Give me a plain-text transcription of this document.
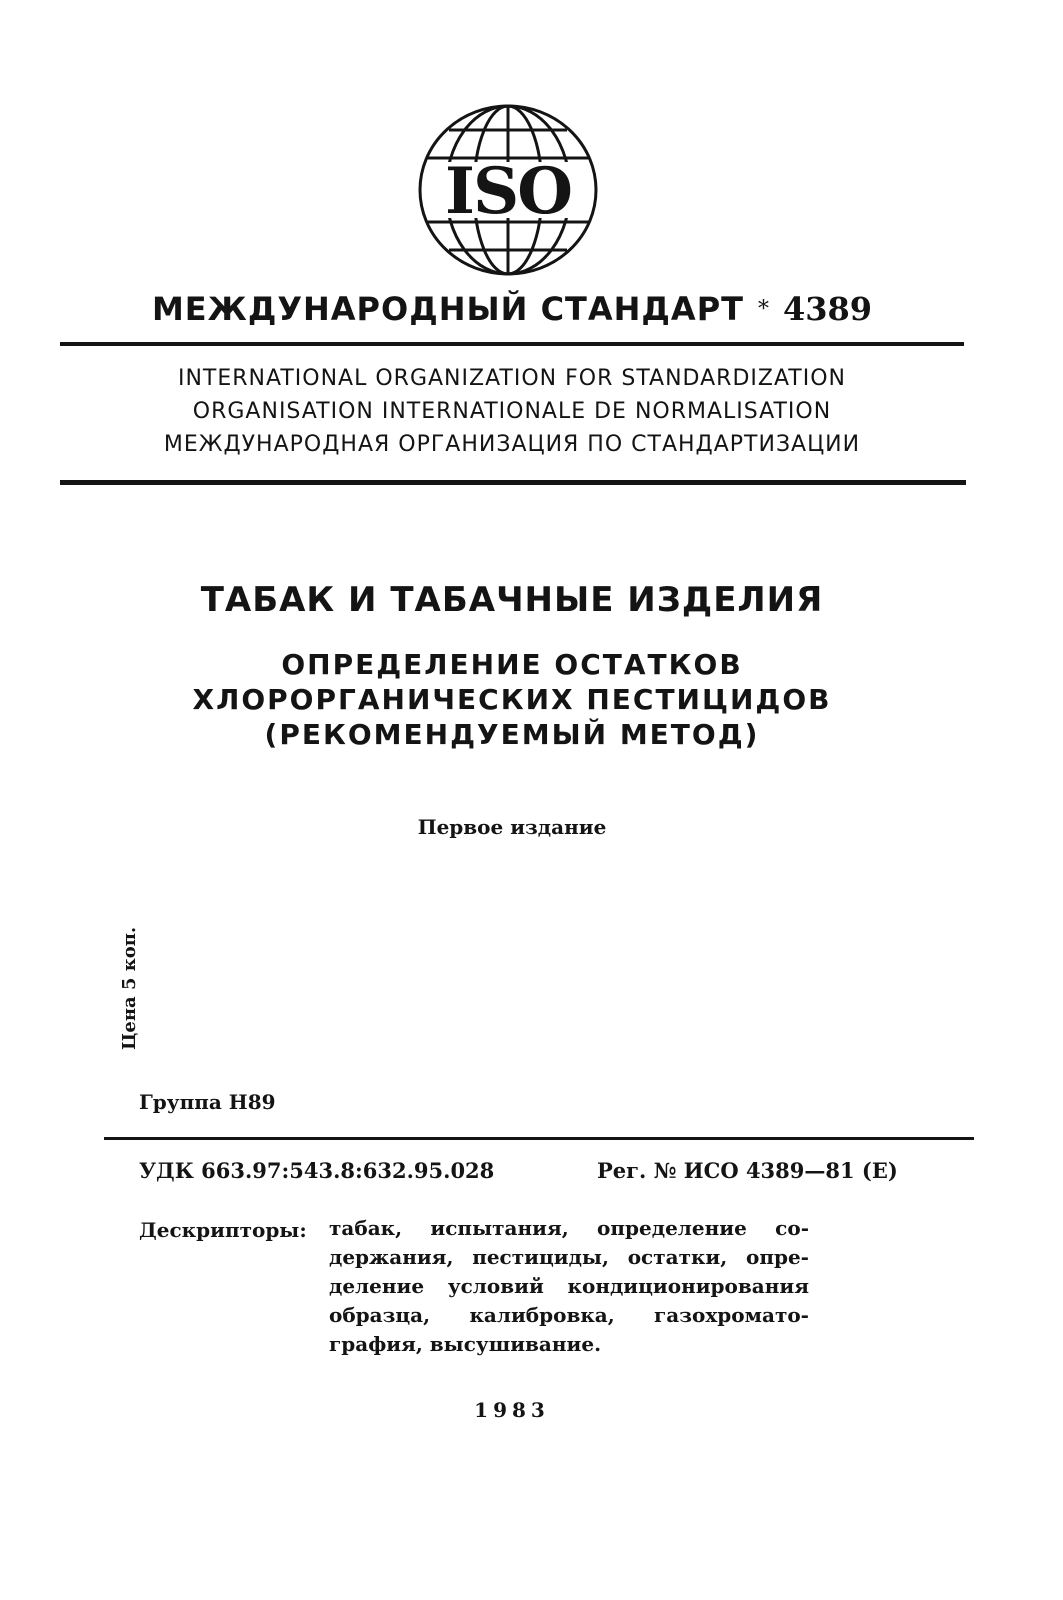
ISO
МЕЖДУНАРОДНЫЙ СТАНДАРТ * 4389
INTERNATIONAL ORGANIZATION FOR STANDARDIZATION
ORGANISATION INTERNATIONALE DE NORMALISATION
МЕЖДУНАРОДНАЯ ОРГАНИЗАЦИЯ ПО СТАНДАРТИЗАЦИИ
ТАБАК И ТАБАЧНЫЕ ИЗДЕЛИЯ
ОПРЕДЕЛЕНИЕ ОСТАТКОВ
ХЛОРОРГАНИЧЕСКИХ ПЕСТИЦИДОВ
(РЕКОМЕНДУЕМЫЙ МЕТОД)
Первое издание
Цена 5 коп.
Группа Н89
УДК 663.97:543.8:632.95.028	Рег. № ИСО 4389—81 (Е)
Дескрипторы: табак, испытания, определение со-
держания, пестициды, остатки, опре-
деление условий кондиционирования
образца, калибровка, газохромато-
графия, высушивание.
1983
